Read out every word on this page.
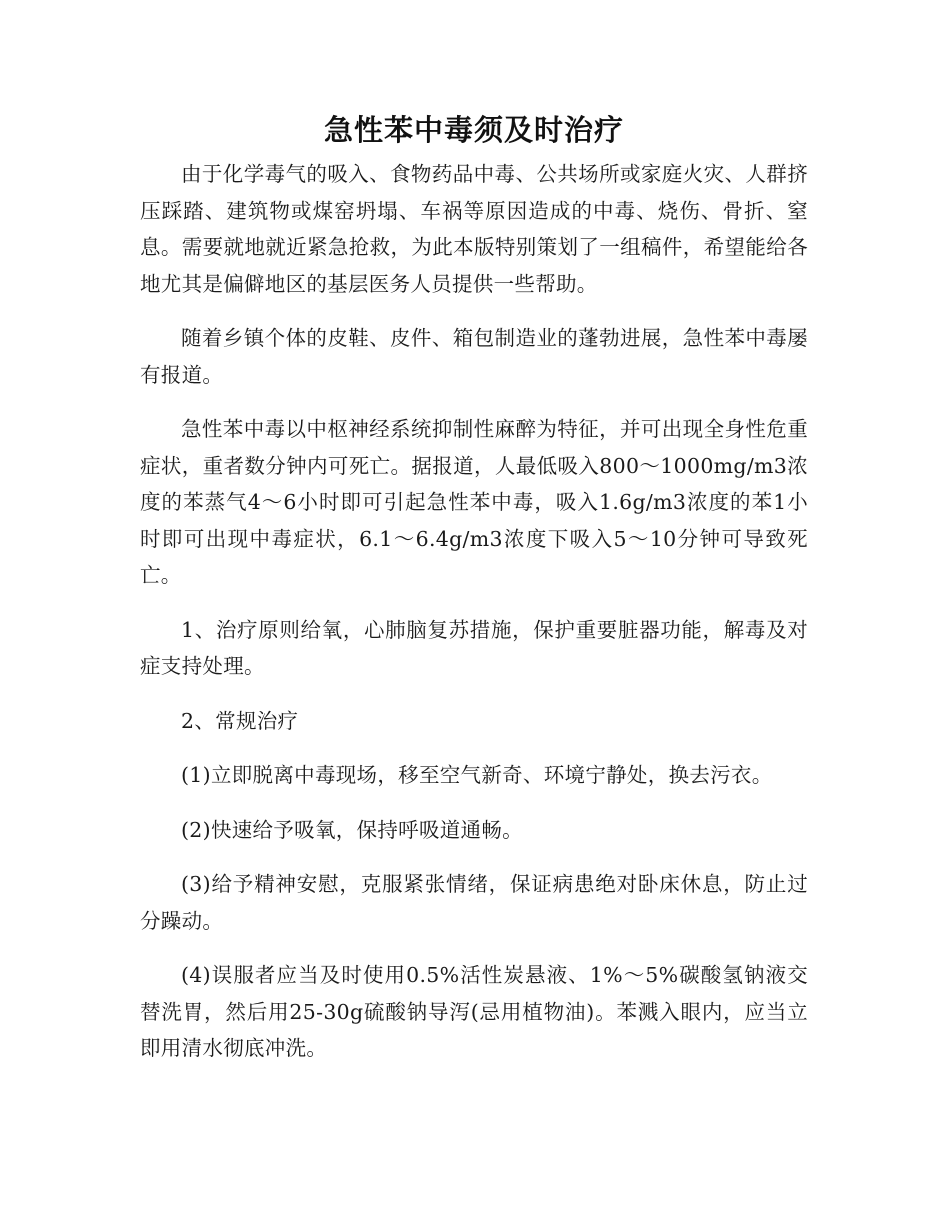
急性苯中毒须及时治疗

由于化学毒气的吸入、食物药品中毒、公共场所或家庭火灾、人群挤压踩踏、建筑物或煤窑坍塌、车祸等原因造成的中毒、烧伤、骨折、窒息。需要就地就近紧急抢救，为此本版特别策划了一组稿件，希望能给各地尤其是偏僻地区的基层医务人员提供一些帮助。

随着乡镇个体的皮鞋、皮件、箱包制造业的蓬勃进展，急性苯中毒屡有报道。

急性苯中毒以中枢神经系统抑制性麻醉为特征，并可出现全身性危重症状，重者数分钟内可死亡。据报道，人最低吸入800～1000mg/m3浓度的苯蒸气4～6小时即可引起急性苯中毒，吸入1.6g/m3浓度的苯1小时即可出现中毒症状，6.1～6.4g/m3浓度下吸入5～10分钟可导致死亡。

1、治疗原则给氧，心肺脑复苏措施，保护重要脏器功能，解毒及对症支持处理。

2、常规治疗

(1)立即脱离中毒现场，移至空气新奇、环境宁静处，换去污衣。

(2)快速给予吸氧，保持呼吸道通畅。

(3)给予精神安慰，克服紧张情绪，保证病患绝对卧床休息，防止过分躁动。

(4)误服者应当及时使用0.5%活性炭悬液、1%～5%碳酸氢钠液交替洗胃，然后用25-30g硫酸钠导泻(忌用植物油)。苯溅入眼内，应当立即用清水彻底冲洗。
